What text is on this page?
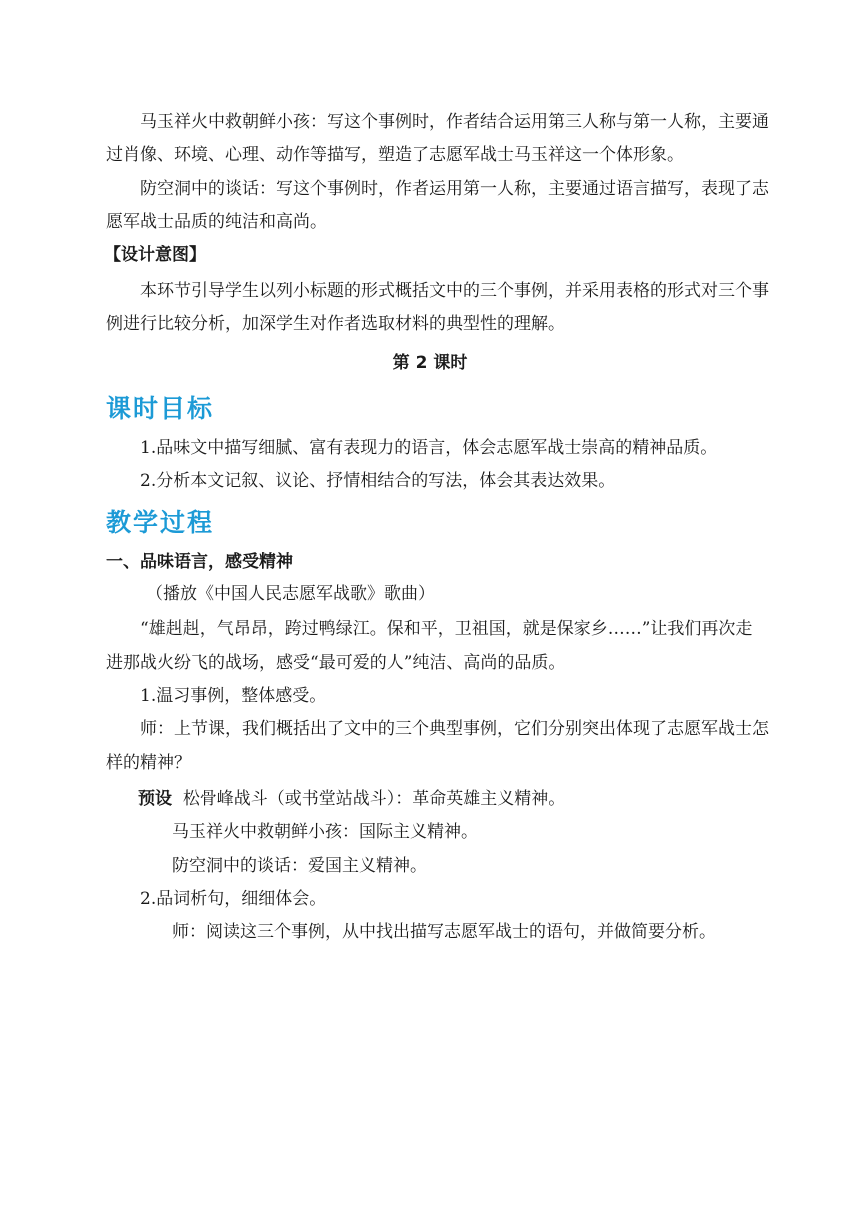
马玉祥火中救朝鲜小孩：写这个事例时，作者结合运用第三人称与第一人称，主要通
过肖像、环境、心理、动作等描写，塑造了志愿军战士马玉祥这一个体形象。
防空洞中的谈话：写这个事例时，作者运用第一人称，主要通过语言描写，表现了志
愿军战士品质的纯洁和高尚。
【设计意图】
本环节引导学生以列小标题的形式概括文中的三个事例，并采用表格的形式对三个事
例进行比较分析，加深学生对作者选取材料的典型性的理解。
第 2 课时
课时目标
1.品味文中描写细腻、富有表现力的语言，体会志愿军战士崇高的精神品质。
2.分析本文记叙、议论、抒情相结合的写法，体会其表达效果。
教学过程
一、品味语言，感受精神
（播放《中国人民志愿军战歌》歌曲）
“雄赳赳，气昂昂，跨过鸭绿江。保和平，卫祖国，就是保家乡……”让我们再次走
进那战火纷飞的战场，感受“最可爱的人”纯洁、高尚的品质。
1.温习事例，整体感受。
师：上节课，我们概括出了文中的三个典型事例，它们分别突出体现了志愿军战士怎
样的精神？
预设 松骨峰战斗（或书堂站战斗）：革命英雄主义精神。
马玉祥火中救朝鲜小孩：国际主义精神。
防空洞中的谈话：爱国主义精神。
2.品词析句，细细体会。
师：阅读这三个事例，从中找出描写志愿军战士的语句，并做简要分析。
